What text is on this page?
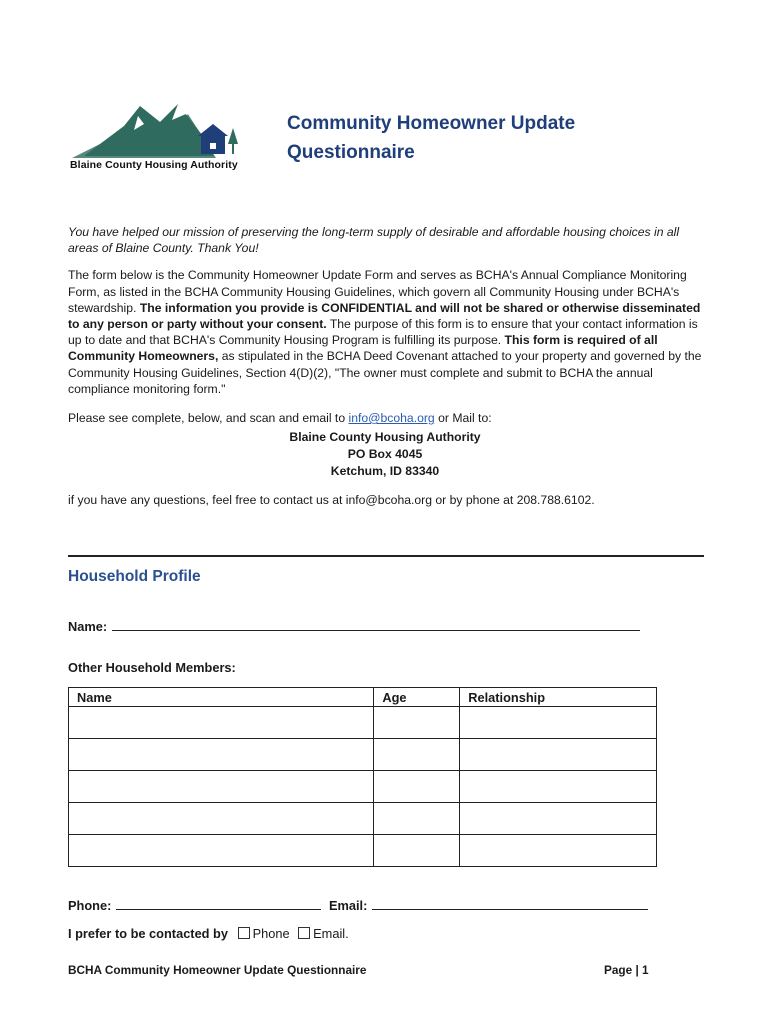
Blaine County Housing Authority
Community Homeowner Update Questionnaire

You have helped our mission of preserving the long-term supply of desirable and affordable housing choices in all areas of Blaine County. Thank You!

The form below is the Community Homeowner Update Form and serves as BCHA's Annual Compliance Monitoring Form, as listed in the BCHA Community Housing Guidelines, which govern all Community Housing under BCHA's stewardship. The information you provide is CONFIDENTIAL and will not be shared or otherwise disseminated to any person or party without your consent. The purpose of this form is to ensure that your contact information is up to date and that BCHA's Community Housing Program is fulfilling its purpose. This form is required of all Community Homeowners, as stipulated in the BCHA Deed Covenant attached to your property and governed by the Community Housing Guidelines, Section 4(D)(2), "The owner must complete and submit to BCHA the annual compliance monitoring form."

Please see complete, below, and scan and email to info@bcoha.org or Mail to:

Blaine County Housing Authority
PO Box 4045
Ketchum, ID 83340

if you have any questions, feel free to contact us at info@bcoha.org or by phone at 208.788.6102.

Household Profile
Name:
Other Household Members:
Name	Age	Relationship

Phone:	Email:
I prefer to be contacted by Phone Email.
BCHA Community Homeowner Update Questionnaire	Page | 1
